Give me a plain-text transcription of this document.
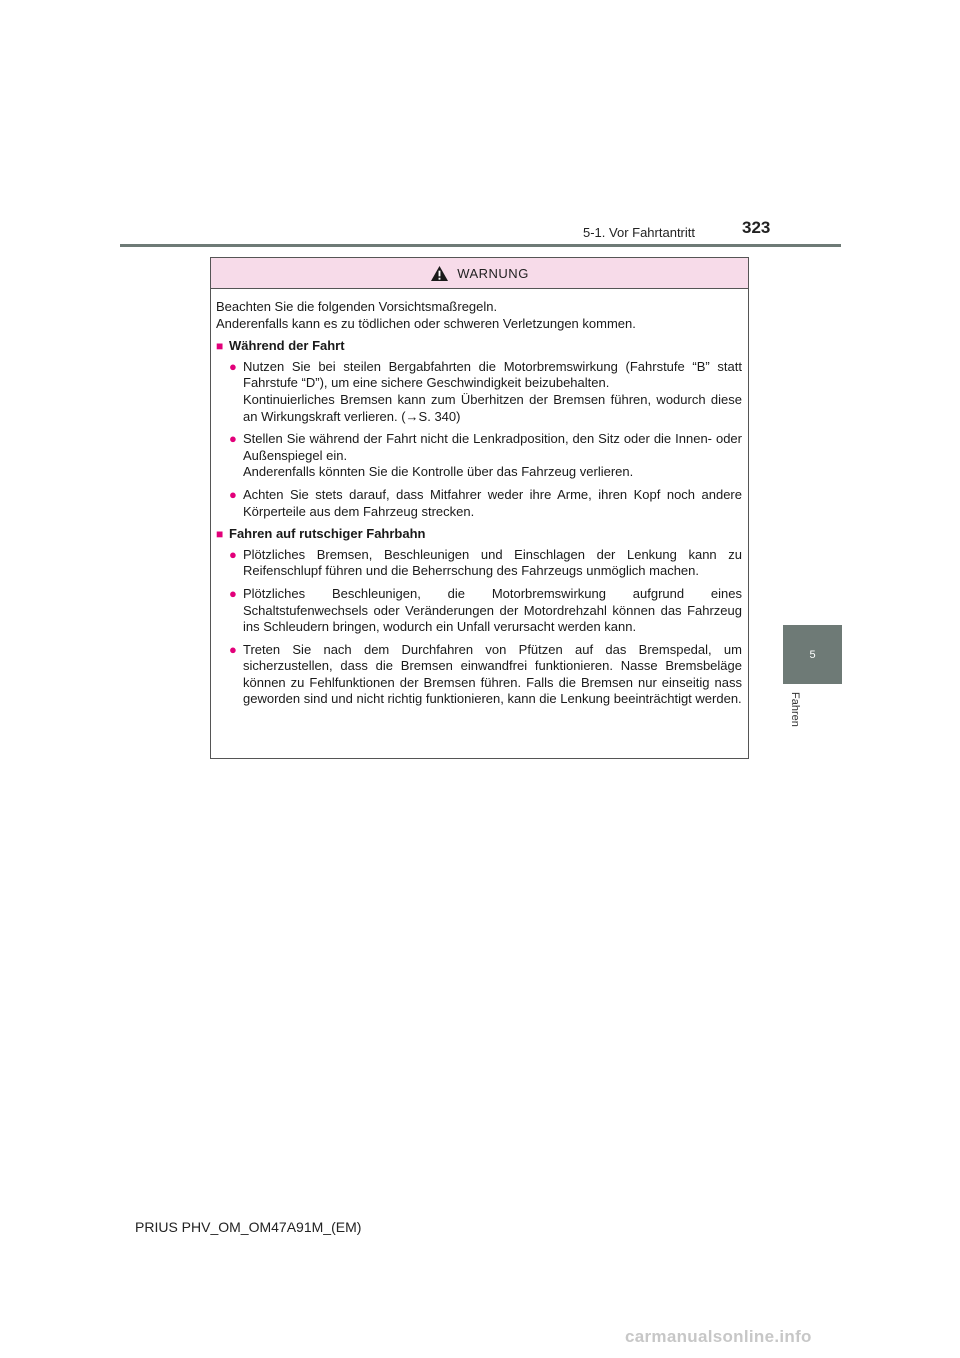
5-1. Vor Fahrtantritt	323
5
Fahren
WARNUNG
Beachten Sie die folgenden Vorsichtsmaßregeln.
Anderenfalls kann es zu tödlichen oder schweren Verletzungen kommen.
■ Während der Fahrt
● Nutzen Sie bei steilen Bergabfahrten die Motorbremswirkung (Fahrstufe “B” statt Fahrstufe “D”), um eine sichere Geschwindigkeit beizubehalten.
Kontinuierliches Bremsen kann zum Überhitzen der Bremsen führen, wodurch diese an Wirkungskraft verlieren. (→S. 340)
● Stellen Sie während der Fahrt nicht die Lenkradposition, den Sitz oder die Innen- oder Außenspiegel ein.
Anderenfalls könnten Sie die Kontrolle über das Fahrzeug verlieren.
● Achten Sie stets darauf, dass Mitfahrer weder ihre Arme, ihren Kopf noch andere Körperteile aus dem Fahrzeug strecken.
■ Fahren auf rutschiger Fahrbahn
● Plötzliches Bremsen, Beschleunigen und Einschlagen der Lenkung kann zu Reifenschlupf führen und die Beherrschung des Fahrzeugs unmöglich machen.
● Plötzliches Beschleunigen, die Motorbremswirkung aufgrund eines Schaltstufenwechsels oder Veränderungen der Motordrehzahl können das Fahrzeug ins Schleudern bringen, wodurch ein Unfall verursacht werden kann.
● Treten Sie nach dem Durchfahren von Pfützen auf das Bremspedal, um sicherzustellen, dass die Bremsen einwandfrei funktionieren. Nasse Bremsbeläge können zu Fehlfunktionen der Bremsen führen. Falls die Bremsen nur einseitig nass geworden sind und nicht richtig funktionieren, kann die Lenkung beeinträchtigt werden.
PRIUS PHV_OM_OM47A91M_(EM)
carmanualsonline.info
